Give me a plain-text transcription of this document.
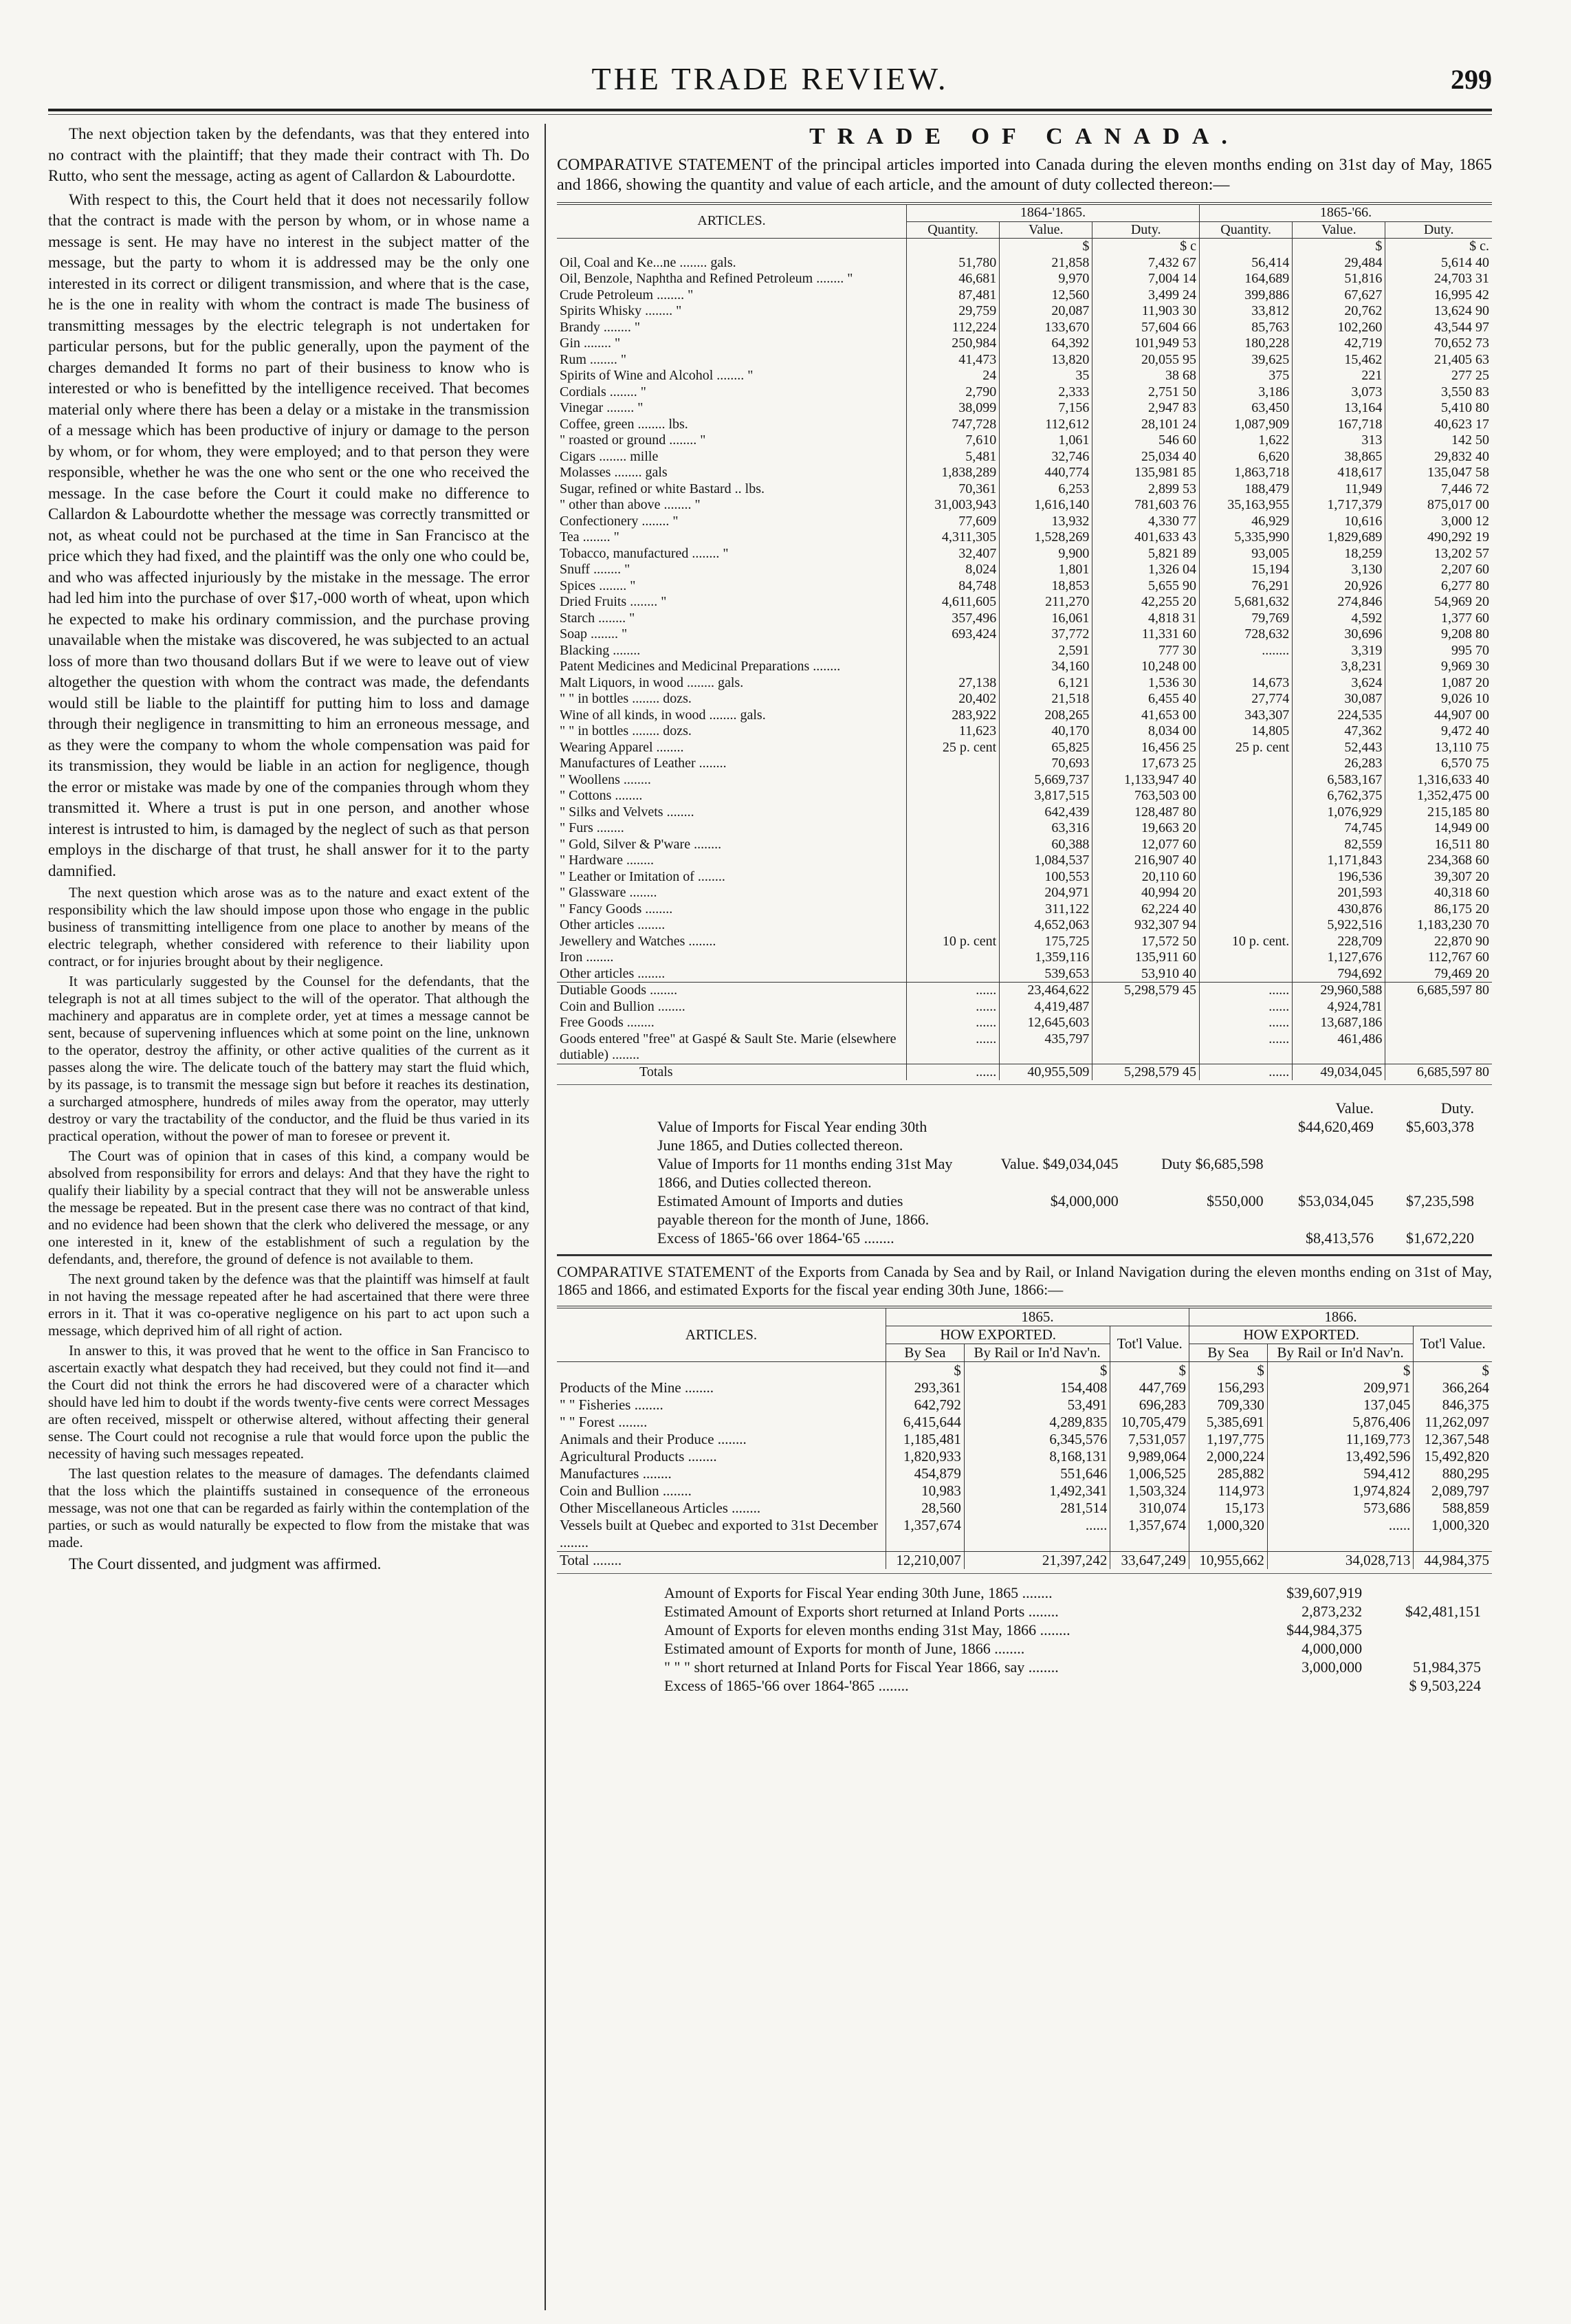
THE TRADE REVIEW.	299

The next objection taken by the defendants, was that they entered into no contract with the plaintiff; that they made their contract with Th. Do Rutto, who sent the message, acting as agent of Callardon & Labourdotte.

With respect to this, the Court held that it does not necessarily follow that the contract is made with the person by whom, or in whose name a message is sent. He may have no interest in the subject matter of the message, but the party to whom it is addressed may be the only one interested in its correct or diligent transmission, and where that is the case, he is the one in reality with whom the contract is made The business of transmitting messages by the electric telegraph is not undertaken for particular persons, but for the public generally, upon the payment of the charges demanded It forms no part of their business to know who is interested or who is benefitted by the intelligence received. That becomes material only where there has been a delay or a mistake in the transmission of a message which has been productive of injury or damage to the person by whom, or for whom, they were employed; and to that person they were responsible, whether he was the one who sent or the one who received the message. In the case before the Court it could make no difference to Callardon & Labourdotte whether the message was correctly transmitted or not, as wheat could not be purchased at the time in San Francisco at the price which they had fixed, and the plaintiff was the only one who could be, and who was affected injuriously by the mistake in the message. The error had led him into the purchase of over $17,-000 worth of wheat, upon which he expected to make his ordinary commission, and the purchase proving unavailable when the mistake was discovered, he was subjected to an actual loss of more than two thousand dollars But if we were to leave out of view altogether the question with whom the contract was made, the defendants would still be liable to the plaintiff for putting him to loss and damage through their negligence in transmitting to him an erroneous message, and as they were the company to whom the whole compensation was paid for its transmission, they would be liable in an action for negligence, though the error or mistake was made by one of the companies through whom they transmitted it. Where a trust is put in one person, and another whose interest is intrusted to him, is damaged by the neglect of such as that person employs in the discharge of that trust, he shall answer for it to the party damnified.

The next question which arose was as to the nature and exact extent of the responsibility which the law should impose upon those who engage in the public business of transmitting intelligence from one place to another by means of the electric telegraph, whether considered with reference to their liability upon contract, or for injuries brought about by their negligence.

It was particularly suggested by the Counsel for the defendants, that the telegraph is not at all times subject to the will of the operator. That although the machinery and apparatus are in complete order, yet at times a message cannot be sent, because of supervening influences which at some point on the line, unknown to the operator, destroy the affinity, or other active qualities of the current as it passes along the wire. The delicate touch of the battery may start the fluid which, by its passage, is to transmit the message sign but before it reaches its destination, a surcharged atmosphere, hundreds of miles away from the operator, may utterly destroy or vary the tractability of the conductor, and the fluid be thus varied in its practical operation, without the power of man to foresee or prevent it.

The Court was of opinion that in cases of this kind, a company would be absolved from responsibility for errors and delays: And that they have the right to qualify their liability by a special contract that they will not be answerable unless the message be repeated. But in the present case there was no contract of that kind, and no evidence had been shown that the clerk who delivered the message, or any one interested in it, knew of the establishment of such a regulation by the defendants, and, therefore, the ground of defence is not available to them.

The next ground taken by the defence was that the plaintiff was himself at fault in not having the message repeated after he had ascertained that there were three errors in it. That it was co-operative negligence on his part to act upon such a message, which deprived him of all right of action.

In answer to this, it was proved that he went to the office in San Francisco to ascertain exactly what despatch they had received, but they could not find it—and the Court did not think the errors he had discovered were of a character which should have led him to doubt if the words twenty-five cents were correct Messages are often received, misspelt or otherwise altered, without affecting their general sense. The Court could not recognise a rule that would force upon the public the necessity of having such messages repeated.

The last question relates to the measure of damages. The defendants claimed that the loss which the plaintiffs sustained in consequence of the erroneous message, was not one that can be regarded as fairly within the contemplation of the parties, or such as would naturally be expected to flow from the mistake that was made.

The Court dissented, and judgment was affirmed.

TRADE OF CANADA.
COMPARATIVE STATEMENT of the principal articles imported into Canada during the eleven months ending on 31st day of May, 1865 and 1866, showing the quantity and value of each article, and the amount of duty collected thereon:—
ARTICLES.	1864-'1865.			1865-'66.		
	Quantity.	Value.	Duty.	Quantity.	Value.	Duty.
		$	$ c		$	$ c.
Oil, Coal and Ke...ne ........ gals.	51,780	21,858	7,432 67	56,414	29,484	5,614 40
Oil, Benzole, Naphtha and Refined Petroleum ........ "	46,681	9,970	7,004 14	164,689	51,816	24,703 31
Crude Petroleum ........ "	87,481	12,560	3,499 24	399,886	67,627	16,995 42
Spirits Whisky ........ "	29,759	20,087	11,903 30	33,812	20,762	13,624 90
Brandy ........ "	112,224	133,670	57,604 66	85,763	102,260	43,544 97
Gin ........ "	250,984	64,392	101,949 53	180,228	42,719	70,652 73
Rum ........ "	41,473	13,820	20,055 95	39,625	15,462	21,405 63
Spirits of Wine and Alcohol ........ "	24	35	38 68	375	221	277 25
Cordials ........ "	2,790	2,333	2,751 50	3,186	3,073	3,550 83
Vinegar ........ "	38,099	7,156	2,947 83	63,450	13,164	5,410 80
Coffee, green ........ lbs.	747,728	112,612	28,101 24	1,087,909	167,718	40,623 17
" roasted or ground ........ "	7,610	1,061	546 60	1,622	313	142 50
Cigars ........ mille	5,481	32,746	25,034 40	6,620	38,865	29,832 40
Molasses ........ gals	1,838,289	440,774	135,981 85	1,863,718	418,617	135,047 58
Sugar, refined or white Bastard .. lbs.	70,361	6,253	2,899 53	188,479	11,949	7,446 72
" other than above ........ "	31,003,943	1,616,140	781,603 76	35,163,955	1,717,379	875,017 00
Confectionery ........ "	77,609	13,932	4,330 77	46,929	10,616	3,000 12
Tea ........ "	4,311,305	1,528,269	401,633 43	5,335,990	1,829,689	490,292 19
Tobacco, manufactured ........ "	32,407	9,900	5,821 89	93,005	18,259	13,202 57
Snuff ........ "	8,024	1,801	1,326 04	15,194	3,130	2,207 60
Spices ........ "	84,748	18,853	5,655 90	76,291	20,926	6,277 80
Dried Fruits ........ "	4,611,605	211,270	42,255 20	5,681,632	274,846	54,969 20
Starch ........ "	357,496	16,061	4,818 31	79,769	4,592	1,377 60
Soap ........ "	693,424	37,772	11,331 60	728,632	30,696	9,208 80
Blacking ........		2,591	777 30	........	3,319	995 70
Patent Medicines and Medicinal Preparations ........		34,160	10,248 00		3,8,231	9,969 30
Malt Liquors, in wood ........ gals.	27,138	6,121	1,536 30	14,673	3,624	1,087 20
" " in bottles ........ dozs.	20,402	21,518	6,455 40	27,774	30,087	9,026 10
Wine of all kinds, in wood ........ gals.	283,922	208,265	41,653 00	343,307	224,535	44,907 00
" " in bottles ........ dozs.	11,623	40,170	8,034 00	14,805	47,362	9,472 40
Wearing Apparel ........	25 p. cent	65,825	16,456 25	25 p. cent	52,443	13,110 75
Manufactures of Leather ........		70,693	17,673 25		26,283	6,570 75
" Woollens ........		5,669,737	1,133,947 40		6,583,167	1,316,633 40
" Cottons ........		3,817,515	763,503 00		6,762,375	1,352,475 00
" Silks and Velvets ........		642,439	128,487 80		1,076,929	215,185 80
" Furs ........		63,316	19,663 20		74,745	14,949 00
" Gold, Silver & P'ware ........		60,388	12,077 60		82,559	16,511 80
" Hardware ........		1,084,537	216,907 40		1,171,843	234,368 60
" Leather or Imitation of ........		100,553	20,110 60		196,536	39,307 20
" Glassware ........		204,971	40,994 20		201,593	40,318 60
" Fancy Goods ........		311,122	62,224 40		430,876	86,175 20
Other articles ........		4,652,063	932,307 94		5,922,516	1,183,230 70
Jewellery and Watches ........	10 p. cent	175,725	17,572 50	10 p. cent.	228,709	22,870 90
Iron ........		1,359,116	135,911 60		1,127,676	112,767 60
Other articles ........		539,653	53,910 40		794,692	79,469 20
Dutiable Goods ........	......	23,464,622	5,298,579 45	......	29,960,588	6,685,597 80
Coin and Bullion ........	......	4,419,487		......	4,924,781	
Free Goods ........	......	12,645,603		......	13,687,186	
Goods entered "free" at Gaspé & Sault Ste. Marie (elsewhere dutiable) ........	......	435,797		......	461,486	
Totals	......	40,955,509	5,298,579 45	......	49,034,045	6,685,597 80
			Value.	Duty.
Value of Imports for Fiscal Year ending 30th June 1865, and Duties collected thereon.			$44,620,469	$5,603,378
Value of Imports for 11 months ending 31st May 1866, and Duties collected thereon.	Value. $49,034,045	Duty $6,685,598		
Estimated Amount of Imports and duties payable thereon for the month of June, 1866.	$4,000,000	$550,000	$53,034,045	$7,235,598
Excess of 1865-'66 over 1864-'65 ........			$8,413,576	$1,672,220
COMPARATIVE STATEMENT of the Exports from Canada by Sea and by Rail, or Inland Navigation during the eleven months ending on 31st of May, 1865 and 1866, and estimated Exports for the fiscal year ending 30th June, 1866:—
ARTICLES.	1865.			1866.		
	HOW EXPORTED.		Tot'l Value.	HOW EXPORTED.		Tot'l Value.
	By Sea	By Rail or In'd Nav'n.		By Sea	By Rail or In'd Nav'n.	
	$	$	$	$	$	$
Products of the Mine ........	293,361	154,408	447,769	156,293	209,971	366,264
" " Fisheries ........	642,792	53,491	696,283	709,330	137,045	846,375
" " Forest ........	6,415,644	4,289,835	10,705,479	5,385,691	5,876,406	11,262,097
Animals and their Produce ........	1,185,481	6,345,576	7,531,057	1,197,775	11,169,773	12,367,548
Agricultural Products ........	1,820,933	8,168,131	9,989,064	2,000,224	13,492,596	15,492,820
Manufactures ........	454,879	551,646	1,006,525	285,882	594,412	880,295
Coin and Bullion ........	10,983	1,492,341	1,503,324	114,973	1,974,824	2,089,797
Other Miscellaneous Articles ........	28,560	281,514	310,074	15,173	573,686	588,859
Vessels built at Quebec and exported to 31st December ........	1,357,674	......	1,357,674	1,000,320	......	1,000,320
Total ........	12,210,007	21,397,242	33,647,249	10,955,662	34,028,713	44,984,375
Amount of Exports for Fiscal Year ending 30th June, 1865 ........	$39,607,919	
Estimated Amount of Exports short returned at Inland Ports ........	2,873,232	$42,481,151
Amount of Exports for eleven months ending 31st May, 1866 ........	$44,984,375	
Estimated amount of Exports for month of June, 1866 ........	4,000,000	
" " " short returned at Inland Ports for Fiscal Year 1866, say ........	3,000,000	51,984,375
Excess of 1865-'66 over 1864-'865 ........		$ 9,503,224
